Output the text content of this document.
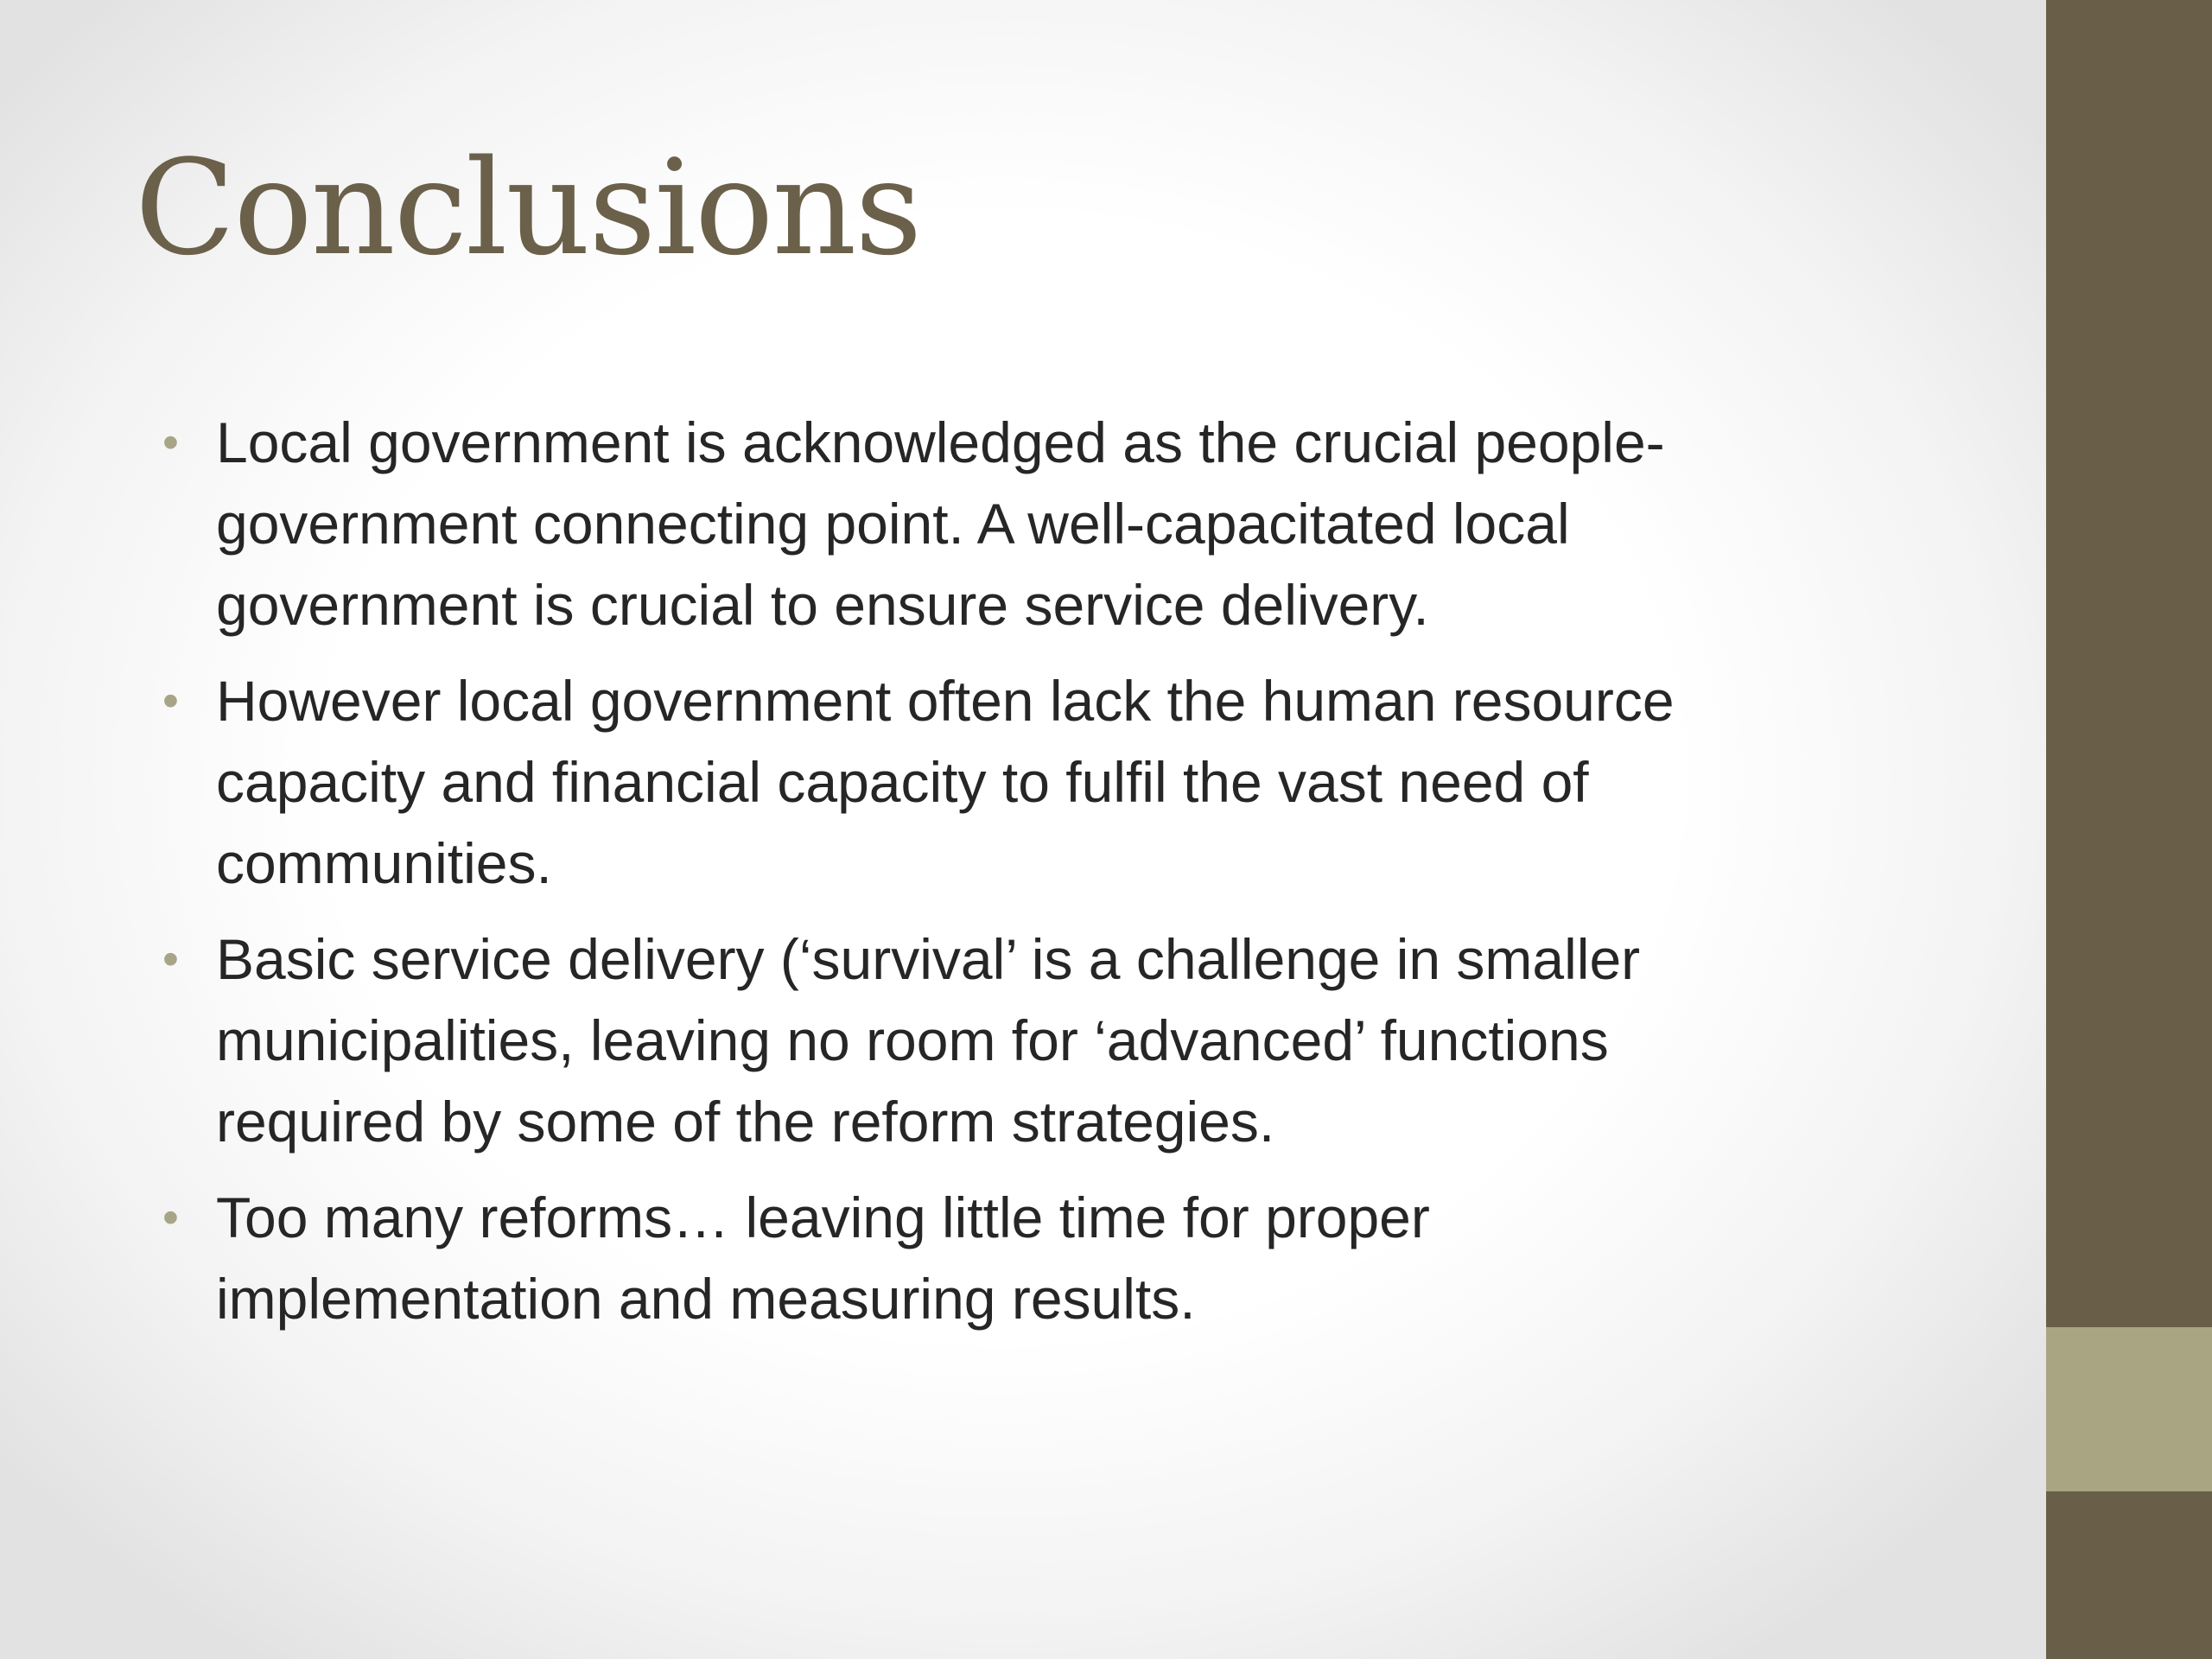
Conclusions
• Local government is acknowledged as the crucial people-
government connecting point. A well-capacitated local
government is crucial to ensure service delivery.
• However local government often lack the human resource
capacity and financial capacity to fulfil the vast need of
communities.
• Basic service delivery (‘survival’ is a challenge in smaller
municipalities, leaving no room for ‘advanced’ functions
required by some of the reform strategies.
• Too many reforms… leaving little time for proper
implementation and measuring results.
